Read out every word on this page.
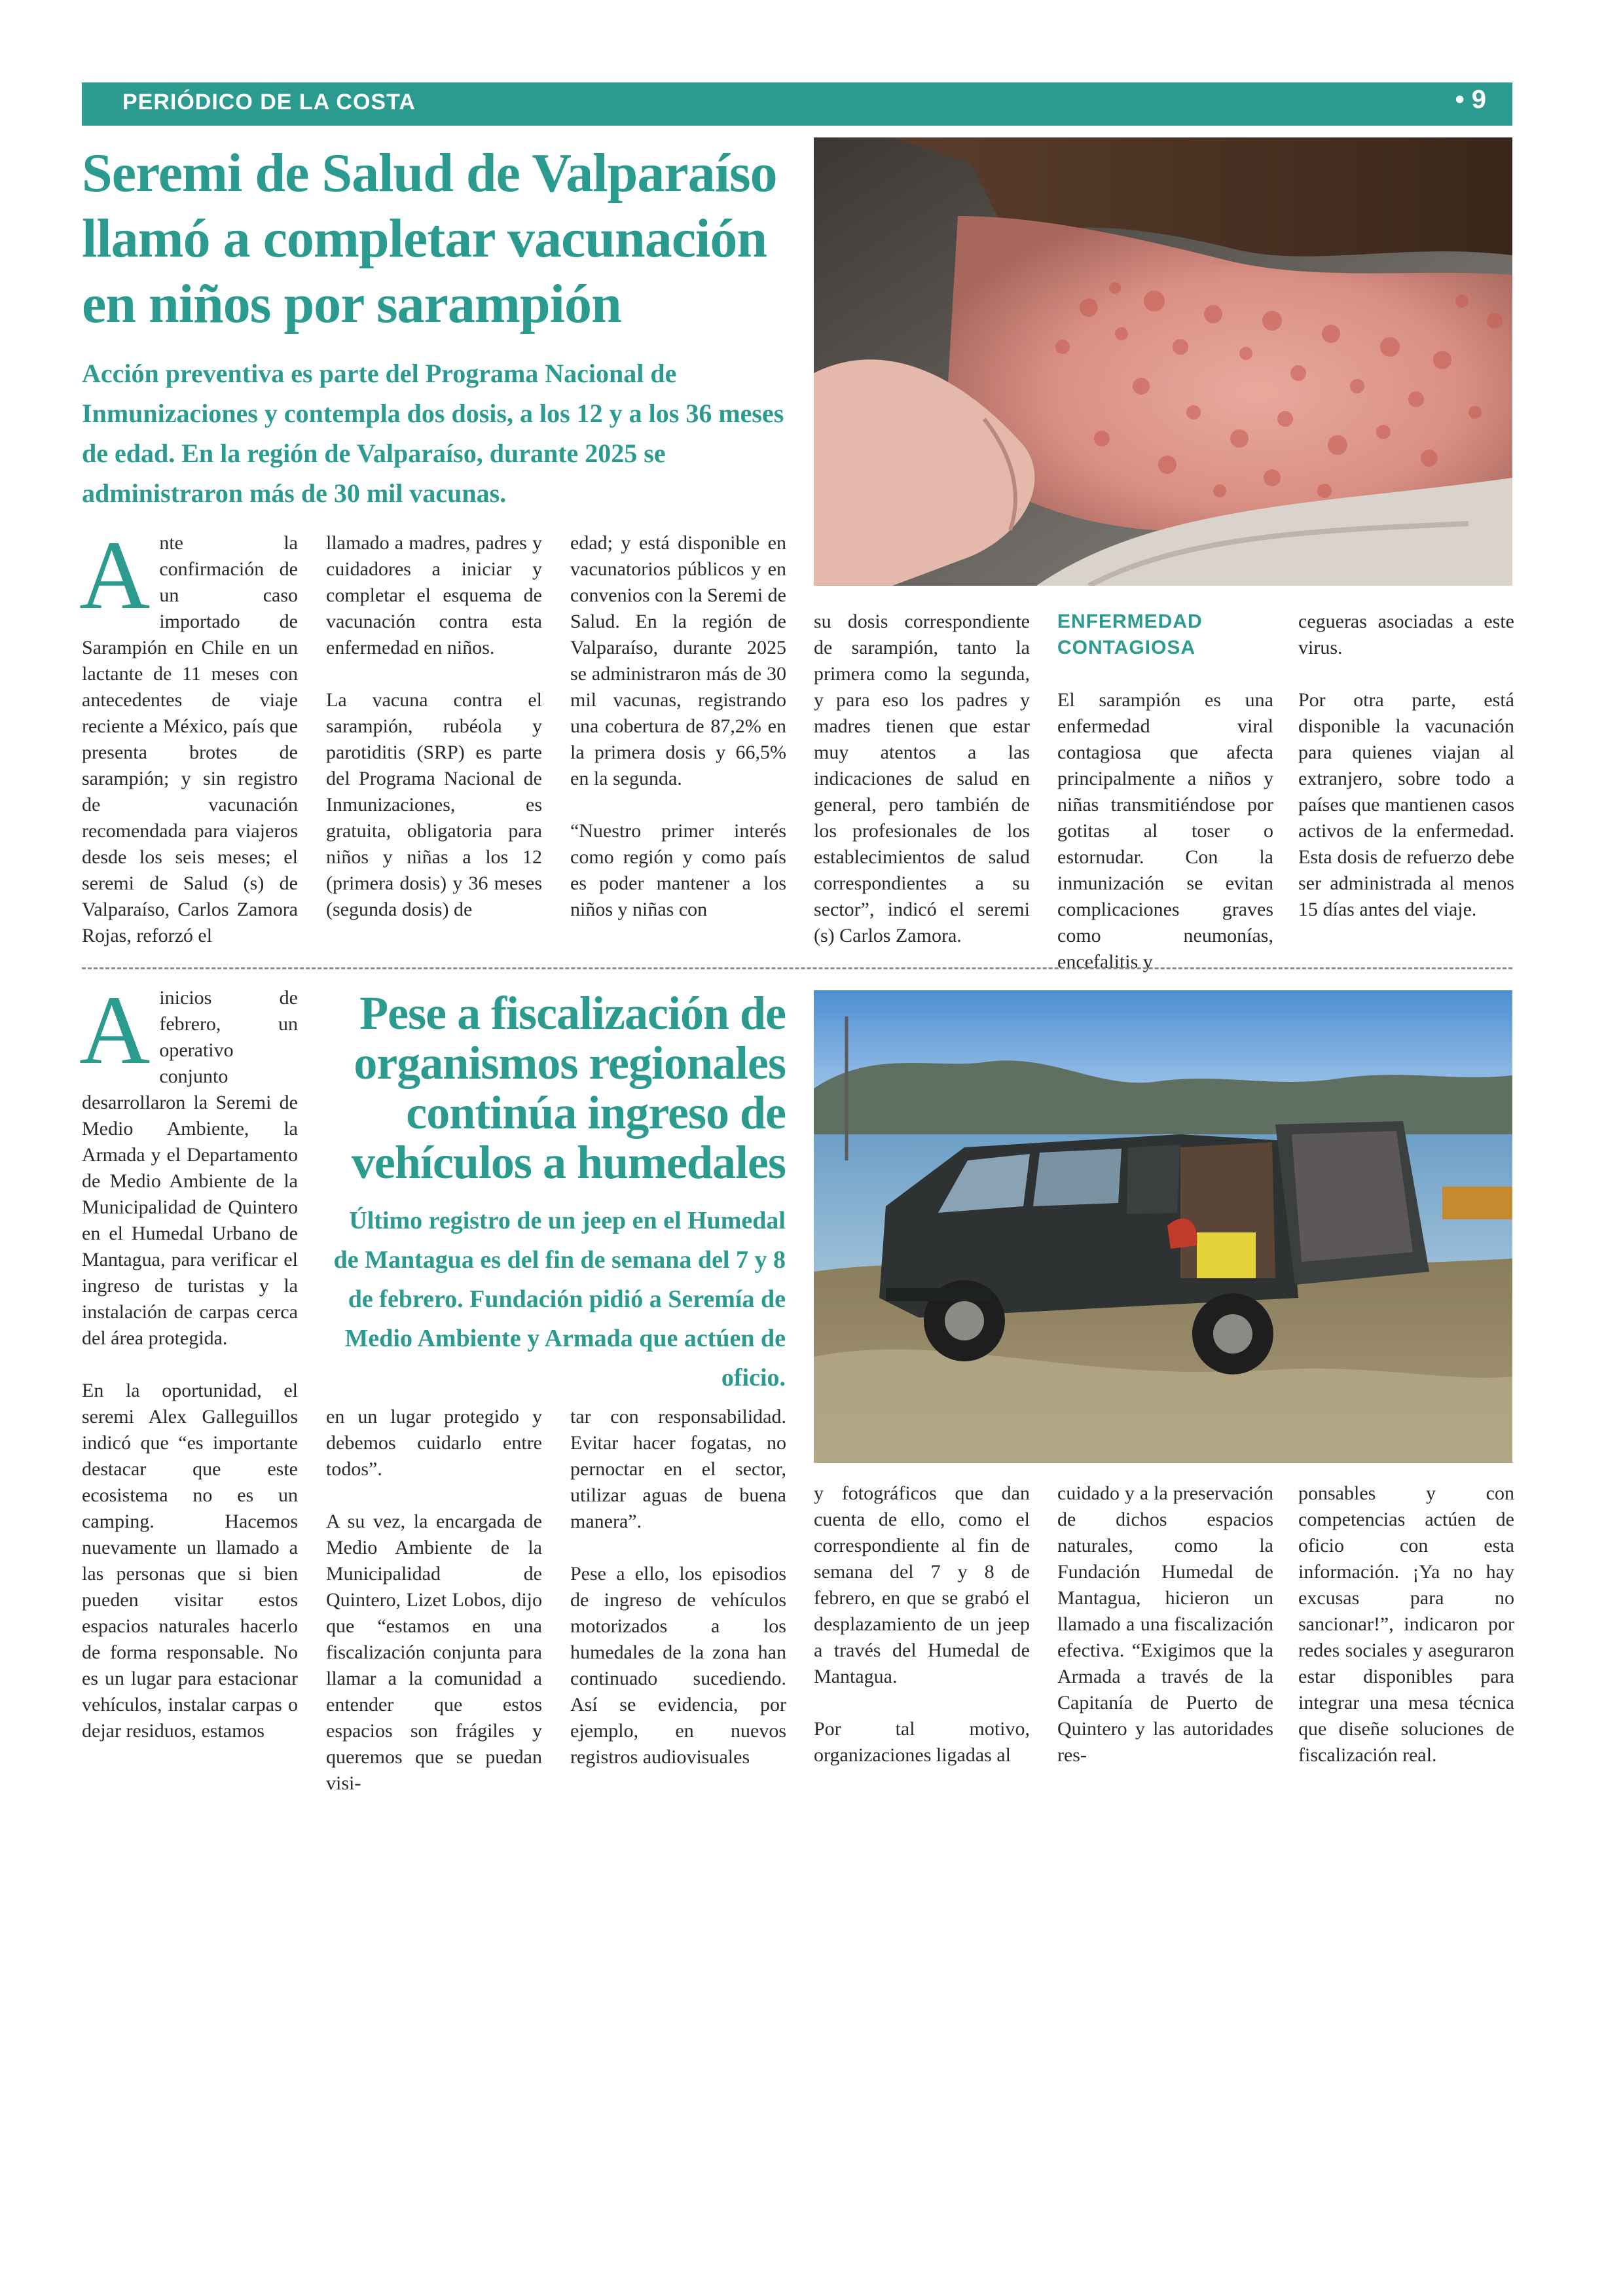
PERIÓDICO DE LA COSTA	• 9
Seremi de Salud de Valparaíso llamó a completar vacunación en niños por sarampión

Acción preventiva es parte del Programa Nacional de Inmunizaciones y contempla dos dosis, a los 12 y a los 36 meses de edad. En la región de Valparaíso, durante 2025 se administraron más de 30 mil vacunas.

A nte la confirmación de un caso importado de Sarampión en Chile en un lactante de 11 meses con antecedentes de viaje reciente a México, país que presenta brotes de sarampión; y sin registro de vacunación recomendada para viajeros desde los seis meses; el seremi de Salud (s) de Valparaíso, Carlos Zamora Rojas, reforzó el

llamado a madres, padres y cuidadores a iniciar y completar el esquema de vacunación contra esta enfermedad en niños.

La vacuna contra el sarampión, rubéola y parotiditis (SRP) es parte del Programa Nacional de Inmunizaciones, es gratuita, obligatoria para niños y niñas a los 12 (primera dosis) y 36 meses (segunda dosis) de

edad; y está disponible en vacunatorios públicos y en convenios con la Seremi de Salud. En la región de Valparaíso, durante 2025 se administraron más de 30 mil vacunas, registrando una cobertura de 87,2% en la primera dosis y 66,5% en la segunda.

“Nuestro primer interés como región y como país es poder mantener a los niños y niñas con

su dosis correspondiente de sarampión, tanto la primera como la segunda, y para eso los padres y madres tienen que estar muy atentos a las indicaciones de salud en general, pero también de los profesionales de los establecimientos de salud correspondientes a su sector”, indicó el seremi (s) Carlos Zamora.

ENFERMEDAD CONTAGIOSA

El sarampión es una enfermedad viral contagiosa que afecta principalmente a niños y niñas transmitiéndose por gotitas al toser o estornudar. Con la inmunización se evitan complicaciones graves como neumonías, encefalitis y

cegueras asociadas a este virus.

Por otra parte, está disponible la vacunación para quienes viajan al extranjero, sobre todo a países que mantienen casos activos de la enfermedad. Esta dosis de refuerzo debe ser administrada al menos 15 días antes del viaje.

A inicios de febrero, un operativo conjunto desarrollaron la Seremi de Medio Ambiente, la Armada y el Departamento de Medio Ambiente de la Municipalidad de Quintero en el Humedal Urbano de Mantagua, para verificar el ingreso de turistas y la instalación de carpas cerca del área protegida.

En la oportunidad, el seremi Alex Galleguillos indicó que “es importante destacar que este ecosistema no es un camping. Hacemos nuevamente un llamado a las personas que si bien pueden visitar estos espacios naturales hacerlo de forma responsable. No es un lugar para estacionar vehículos, instalar carpas o dejar residuos, estamos

Pese a fiscalización de organismos regionales continúa ingreso de vehículos a humedales

Último registro de un jeep en el Humedal de Mantagua es del fin de semana del 7 y 8 de febrero. Fundación pidió a Seremía de Medio Ambiente y Armada que actúen de oficio.

en un lugar protegido y debemos cuidarlo entre todos”.

A su vez, la encargada de Medio Ambiente de la Municipalidad de Quintero, Lizet Lobos, dijo que “estamos en una fiscalización conjunta para llamar a la comunidad a entender que estos espacios son frágiles y queremos que se puedan visi-

tar con responsabilidad. Evitar hacer fogatas, no pernoctar en el sector, utilizar aguas de buena manera”.

Pese a ello, los episodios de ingreso de vehículos motorizados a los humedales de la zona han continuado sucediendo. Así se evidencia, por ejemplo, en nuevos registros audiovisuales

y fotográficos que dan cuenta de ello, como el correspondiente al fin de semana del 7 y 8 de febrero, en que se grabó el desplazamiento de un jeep a través del Humedal de Mantagua.

Por tal motivo, organizaciones ligadas al

cuidado y a la preservación de dichos espacios naturales, como la Fundación Humedal de Mantagua, hicieron un llamado a una fiscalización efectiva. “Exigimos que la Armada a través de la Capitanía de Puerto de Quintero y las autoridades res-

ponsables y con competencias actúen de oficio con esta información. ¡Ya no hay excusas para no sancionar!”, indicaron por redes sociales y aseguraron estar disponibles para integrar una mesa técnica que diseñe soluciones de fiscalización real.
